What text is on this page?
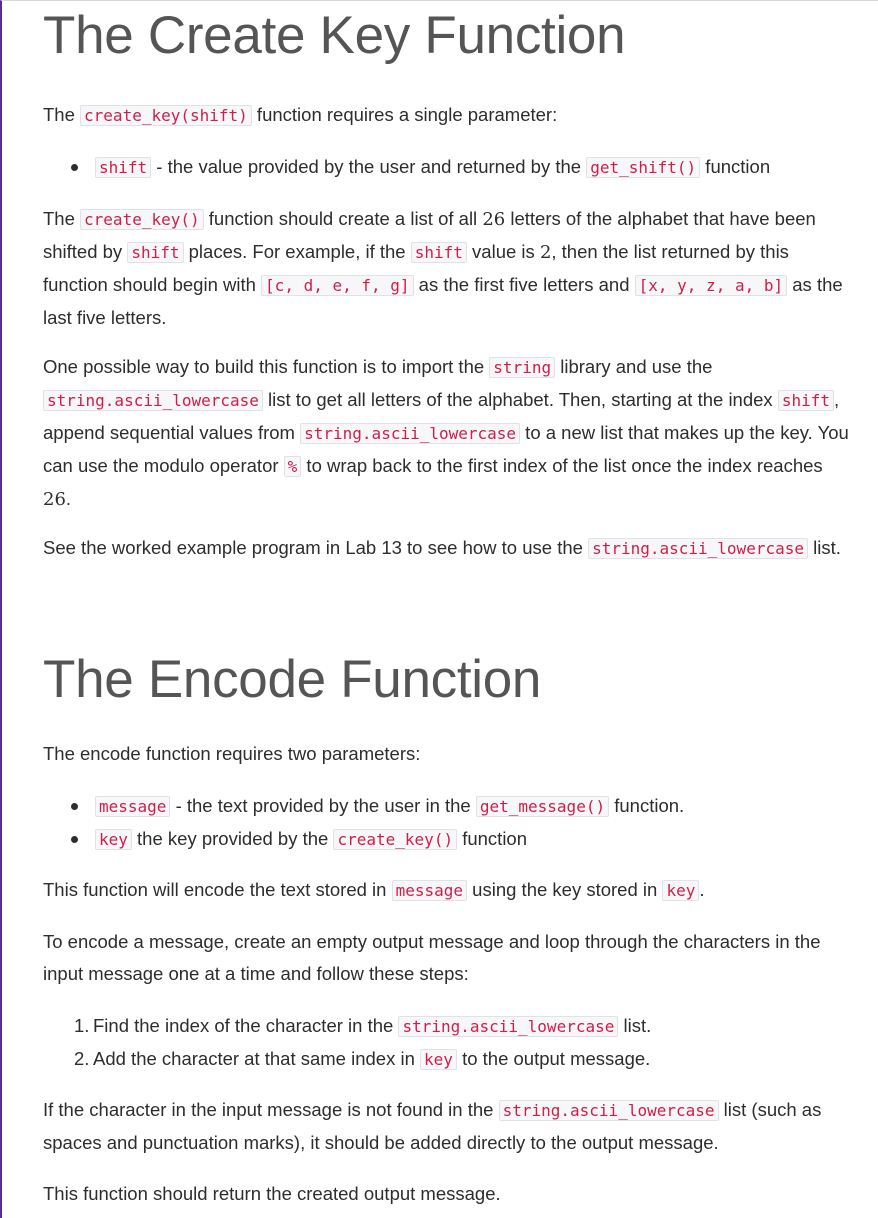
The Create Key Function

The create_key(shift) function requires a single parameter:

shift - the value provided by the user and returned by the get_shift() function

The create_key() function should create a list of all 26 letters of the alphabet that have been shifted by shift places. For example, if the shift value is 2, then the list returned by this function should begin with [c, d, e, f, g] as the first five letters and [x, y, z, a, b] as the last five letters.

One possible way to build this function is to import the string library and use the string.ascii_lowercase list to get all letters of the alphabet. Then, starting at the index shift , append sequential values from string.ascii_lowercase to a new list that makes up the key. You can use the modulo operator % to wrap back to the first index of the list once the index reaches 26.

See the worked example program in Lab 13 to see how to use the string.ascii_lowercase list.

The Encode Function

The encode function requires two parameters:

message - the text provided by the user in the get_message() function.
key the key provided by the create_key() function

This function will encode the text stored in message using the key stored in key .

To encode a message, create an empty output message and loop through the characters in the input message one at a time and follow these steps:

1. Find the index of the character in the string.ascii_lowercase list.
2. Add the character at that same index in key to the output message.

If the character in the input message is not found in the string.ascii_lowercase list (such as spaces and punctuation marks), it should be added directly to the output message.

This function should return the created output message.
